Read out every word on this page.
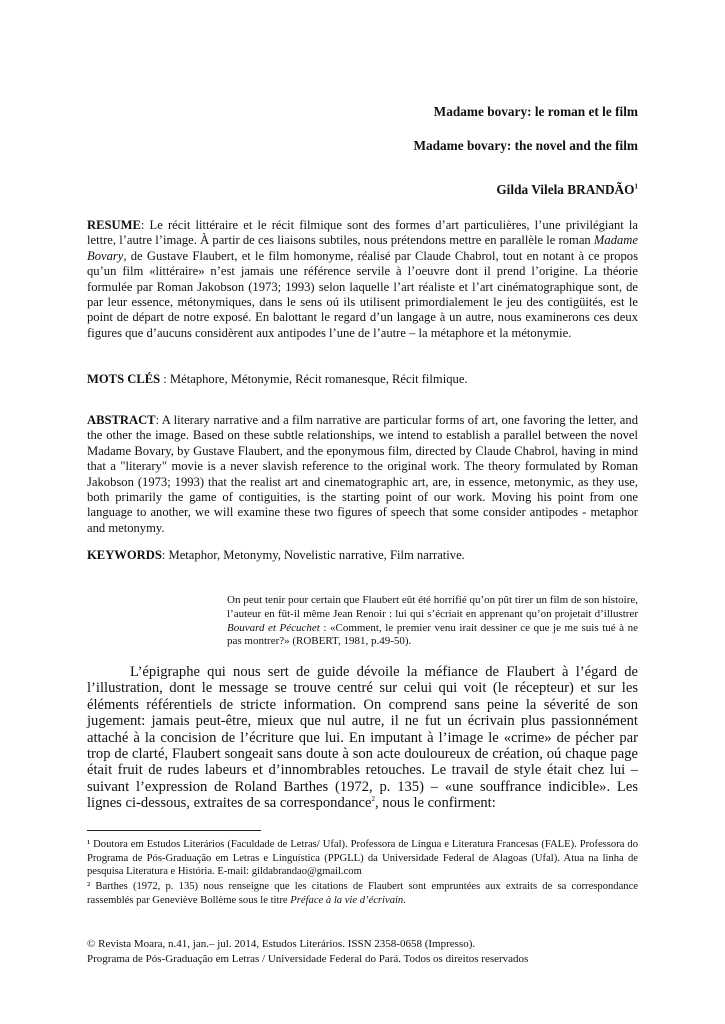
Madame bovary: le roman et le film
Madame bovary: the novel and the film
Gilda Vilela BRANDÃO$^1$
RESUME: Le récit littéraire et le récit filmique sont des formes d’art particulières, l’une privilégiant la lettre, l’autre l’image. À partir de ces liaisons subtiles, nous prétendons mettre en parallèle le roman Madame Bovary, de Gustave Flaubert, et le film homonyme, réalisé par Claude Chabrol, tout en notant à ce propos qu’un film «littéraire» n’est jamais une référence servile à l’oeuvre dont il prend l’origine. La théorie formulée par Roman Jakobson (1973; 1993) selon laquelle l’art réaliste et l’art cinématographique sont, de par leur essence, métonymiques, dans le sens oú ils utilisent primordialement le jeu des contigüités, est le point de départ de notre exposé. En balottant le regard d’un langage à un autre, nous examinerons ces deux figures que d’aucuns considèrent aux antipodes l’une de l’autre – la métaphore et la métonymie.
MOTS CLÉS : Métaphore, Métonymie, Récit romanesque, Récit filmique.
ABSTRACT: A literary narrative and a film narrative are particular forms of art, one favoring the letter, and the other the image. Based on these subtle relationships, we intend to establish a parallel between the novel Madame Bovary, by Gustave Flaubert, and the eponymous film, directed by Claude Chabrol, having in mind that a "literary" movie is a never slavish reference to the original work. The theory formulated by Roman Jakobson (1973; 1993) that the realist art and cinematographic art, are, in essence, metonymic, as they use, both primarily the game of contiguities, is the starting point of our work. Moving his point from one language to another, we will examine these two figures of speech that some consider antipodes - metaphor and metonymy.
KEYWORDS: Metaphor, Metonymy, Novelistic narrative, Film narrative.
On peut tenir pour certain que Flaubert eût été horrifié qu’on pût tirer un film de son histoire, l’auteur en fût-il même Jean Renoir : lui qui s’écriait en apprenant qu’on projetait d’illustrer Bouvard et Pécuchet : «Comment, le premier venu irait dessiner ce que je me suis tué à ne pas montrer?» (ROBERT, 1981, p.49-50).
L’épigraphe qui nous sert de guide dévoile la méfiance de Flaubert à l’égard de l’illustration, dont le message se trouve centré sur celui qui voit (le récepteur) et sur les éléments référentiels de stricte information. On comprend sans peine la séverité de son jugement: jamais peut-être, mieux que nul autre, il ne fut un écrivain plus passionnément attaché à la concision de l’écriture que lui. En imputant à l’image le «crime» de pécher par trop de clarté, Flaubert songeait sans doute à son acte douloureux de création, oú chaque page était fruit de rudes labeurs et d’innombrables retouches. Le travail de style était chez lui – suivant l’expression de Roland Barthes (1972, p. 135) – «une souffrance indicible». Les lignes ci-dessous, extraites de sa correspondance$^2$, nous le confirment:
¹ Doutora em Estudos Literários (Faculdade de Letras/ Ufal). Professora de Língua e Literatura Francesas (FALE). Professora do Programa de Pós-Graduação em Letras e Linguística (PPGLL) da Universidade Federal de Alagoas (Ufal). Atua na linha de pesquisa Literatura e História. E-mail: gildabrandao@gmail.com
² Barthes (1972, p. 135) nous renseigne que les citations de Flaubert sont empruntées aux extraits de sa correspondance rassemblés par Geneviève Bollème sous le titre Préface à la vie d’écrivain.
© Revista Moara, n.41, jan.– jul. 2014, Estudos Literários. ISSN 2358-0658 (Impresso).
Programa de Pós-Graduação em Letras / Universidade Federal do Pará. Todos os direitos reservados
